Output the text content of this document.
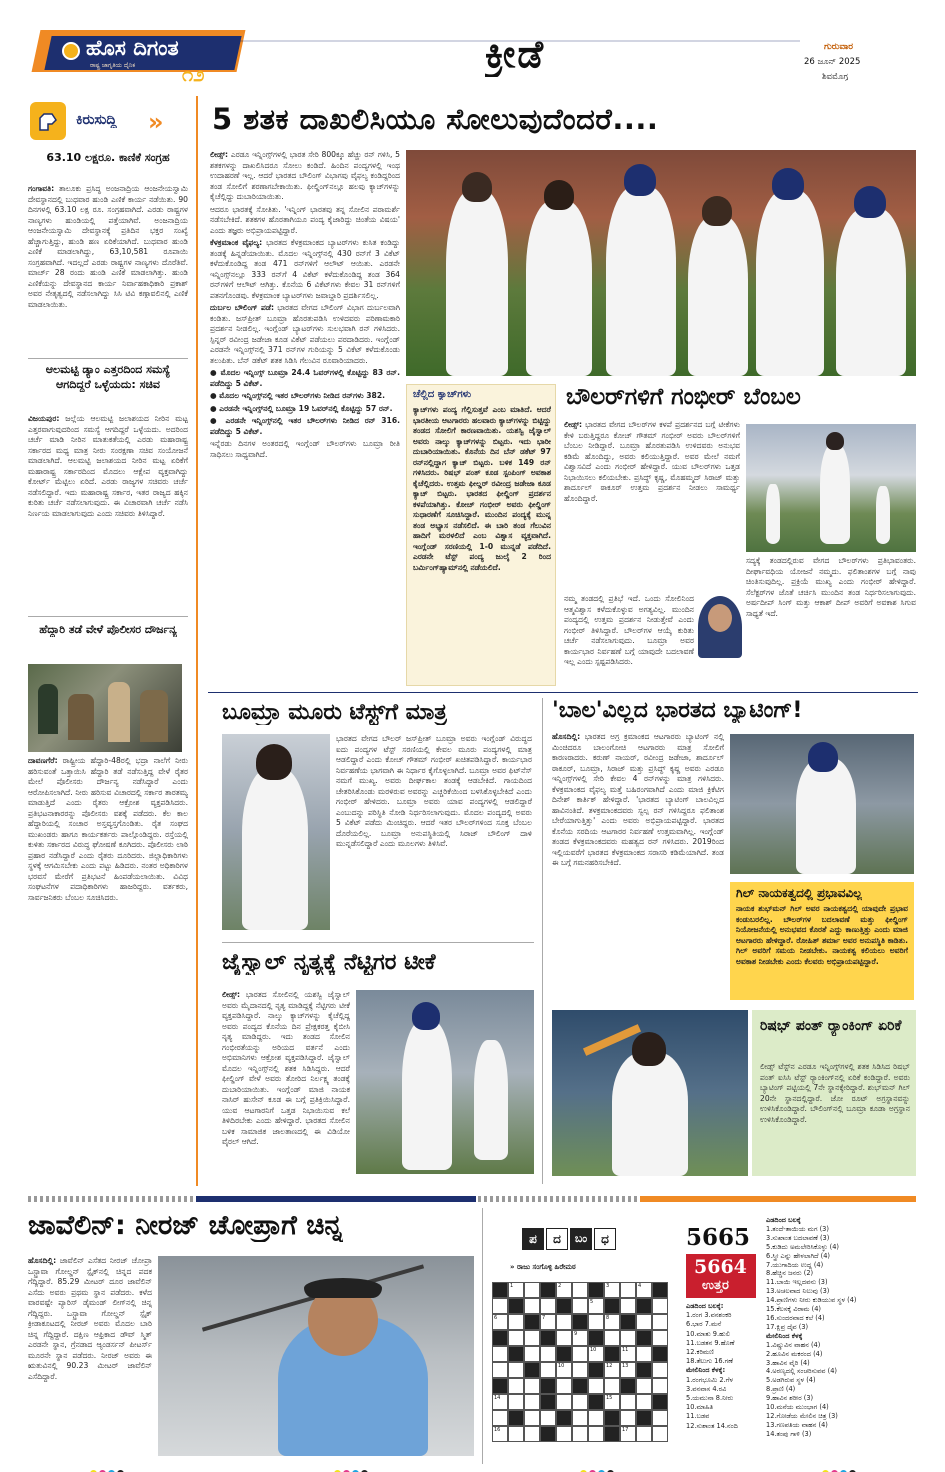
ಹೊಸ ದಿಗಂತ
ರಾಷ್ಟ್ರ ಜಾಗೃತಿಯ ದೈನಿಕ ೧೨	ಕ್ರೀಡೆ	ಗುರುವಾರ
26 ಜೂನ್ 2025
ಶಿವಮೊಗ್ಗ
ಕಿರುಸುದ್ದಿ »
63.10 ಲಕ್ಷರೂ. ಕಾಣಿಕೆ ಸಂಗ್ರಹ
ಗಂಗಾವತಿ: ತಾಲೂಕು ಪ್ರಸಿದ್ಧ ಅಂಜನಾದ್ರಿಯ ಆಂಜನೇಯಸ್ವಾಮಿ ದೇವಸ್ಥಾನದಲ್ಲಿ ಬುಧವಾರ ಹುಂಡಿ ಎಣಿಕೆ ಕಾರ್ಯ ನಡೆಯಿತು. 90 ದಿನಗಳಲ್ಲಿ 63.10 ಲಕ್ಷ ರೂ. ಸಂಗ್ರಹವಾಗಿದೆ. ಎರಡು ರಾಷ್ಟ್ರಗಳ ನಾಣ್ಯಗಳು ಹುಂಡಿಯಲ್ಲಿ ಪತ್ತೆಯಾಗಿವೆ. ಅಂಜನಾದ್ರಿಯ ಆಂಜನೇಯಸ್ವಾಮಿ ದೇವಸ್ಥಾನಕ್ಕೆ ಪ್ರತಿದಿನ ಭಕ್ತರ ಸಂಖ್ಯೆ ಹೆಚ್ಚಾಗುತ್ತಿದ್ದು, ಹುಂಡಿ ಹಣ ಏರಿಕೆಯಾಗಿದೆ. ಬುಧವಾರ ಹುಂಡಿ ಎಣಿಕೆ ಮಾಡಲಾಗಿದ್ದು, 63,10,581 ರೂಪಾಯಿ ಸಂಗ್ರಹವಾಗಿದೆ. ಇದಲ್ಲದೆ ಎರಡು ರಾಷ್ಟ್ರಗಳ ನಾಣ್ಯಗಳು ದೊರೆತಿವೆ. ಮಾರ್ಚ್ 28 ರಂದು ಹುಂಡಿ ಎಣಿಕೆ ಮಾಡಲಾಗಿತ್ತು. ಹುಂಡಿ ಎಣಿಕೆಯನ್ನು ದೇವಸ್ಥಾನದ ಕಾರ್ಯ ನಿರ್ವಾಹಕಾಧಿಕಾರಿ ಪ್ರಕಾಶ್ ಅವರ ನೇತೃತ್ವದಲ್ಲಿ ನಡೆಸಲಾಗಿದ್ದು ಸಿಸಿ ಟಿವಿ ಕಣ್ಗಾವಲಿನಲ್ಲಿ ಎಣಿಕೆ ಮಾಡಲಾಯಿತು.
ಆಲಮಟ್ಟಿ ಡ್ಯಾಂ ಎತ್ತರದಿಂದ ಸಮಸ್ಯೆ ಆಗದಿದ್ದರೆ ಒಳ್ಳೆಯದು: ಸಚಿವ
ವಿಜಯಪುರ: ಜಲ್ಲೆಯ ಆಲಮಟ್ಟಿ ಜಲಾಶಯದ ನೀರಿನ ಮಟ್ಟ ಎತ್ತರವಾಗುವುದರಿಂದ ಸಮಸ್ಯೆ ಆಗದಿದ್ದರೆ ಒಳ್ಳೆಯದು. ಅದರಿಂದ ಚರ್ಚೆ ಮಾಡಿ ನೀರಿನ ಮಾತುಕತೆಯಲ್ಲಿ ಎರಡು ಮಹಾರಾಷ್ಟ್ರ ಸರ್ಕಾರದ ಮಧ್ಯ ಮಾತ್ರ ನೀರು ಸಂರಕ್ಷಣಾ ಸಚಿವ ಸಂಯೋಜನೆ ಮಾಡಲಾಗಿದೆ. ಆಲಮಟ್ಟಿ ಜಲಾಶಯದ ನೀರಿನ ಮಟ್ಟ ಏರಿಕೆಗೆ ಮಹಾರಾಷ್ಟ್ರ ಸರ್ಕಾರದಿಂದ ಮೊದಲು ಆಕ್ಷೇಪ ವ್ಯಕ್ತವಾಗಿದ್ದು ಕೋರ್ಟ್ ಮೆಟ್ಟಿಲು ಏರಿದೆ. ಎರಡು ರಾಜ್ಯಗಳ ಸಚಿವರು ಚರ್ಚೆ ನಡೆಸಲಿದ್ದಾರೆ. ಇದು ಮಹಾರಾಷ್ಟ್ರ ಸರ್ಕಾರ, ಇತರ ರಾಜ್ಯದ ಹಕ್ಕಿನ ಕುರಿತು ಚರ್ಚೆ ನಡೆಸಲಾಗುವುದು. ಈ ವಿಚಾರವಾಗಿ ಚರ್ಚೆ ನಡೆಸಿ ನಿರ್ಣಯ ಮಾಡಲಾಗುವುದು ಎಂದು ಸಚಿವರು ತಿಳಿಸಿದ್ದಾರೆ.
ಹೆದ್ದಾರಿ ತಡೆ ವೇಳೆ ಪೊಲೀಸರ ದೌರ್ಜನ್ಯ
ದಾವಣಗೆರೆ: ರಾಷ್ಟ್ರೀಯ ಹೆದ್ದಾರಿ-48ರಲ್ಲಿ ಭದ್ರಾ ನಾಲೆಗೆ ನೀರು ಹರಿಸುವಂತೆ ಒತ್ತಾಯಿಸಿ ಹೆದ್ದಾರಿ ತಡೆ ನಡೆಸುತ್ತಿದ್ದ ವೇಳೆ ರೈತರ ಮೇಲೆ ಪೊಲೀಸರು ದೌರ್ಜನ್ಯ ನಡೆಸಿದ್ದಾರೆ ಎಂದು ಆರೋಪಿಸಲಾಗಿದೆ. ನೀರು ಹರಿಸುವ ವಿಚಾರದಲ್ಲಿ ಸರ್ಕಾರ ತಾರತಮ್ಯ ಮಾಡುತ್ತಿದೆ ಎಂದು ರೈತರು ಆಕ್ರೋಶ ವ್ಯಕ್ತಪಡಿಸಿದರು. ಪ್ರತಿಭಟನಾಕಾರರನ್ನು ಪೊಲೀಸರು ವಶಕ್ಕೆ ಪಡೆದರು. ಕೆಲ ಕಾಲ ಹೆದ್ದಾರಿಯಲ್ಲಿ ಸಂಚಾರ ಅಸ್ತವ್ಯಸ್ತಗೊಂಡಿತು. ರೈತ ಸಂಘದ ಮುಖಂಡರು ಹಾಗೂ ಕಾರ್ಯಕರ್ತರು ಪಾಲ್ಗೊಂಡಿದ್ದರು. ರಸ್ತೆಯಲ್ಲಿ ಕುಳಿತು ಸರ್ಕಾರದ ವಿರುದ್ಧ ಘೋಷಣೆ ಕೂಗಿದರು. ಪೊಲೀಸರು ಲಾಠಿ ಪ್ರಹಾರ ನಡೆಸಿದ್ದಾರೆ ಎಂದು ರೈತರು ದೂರಿದರು. ಜಿಲ್ಲಾಧಿಕಾರಿಗಳು ಸ್ಥಳಕ್ಕೆ ಆಗಮಿಸಬೇಕು ಎಂದು ಪಟ್ಟು ಹಿಡಿದರು. ನಂತರ ಅಧಿಕಾರಿಗಳ ಭರವಸೆ ಮೇರೆಗೆ ಪ್ರತಿಭಟನೆ ಹಿಂಪಡೆಯಲಾಯಿತು. ವಿವಿಧ ಸಂಘಟನೆಗಳ ಪದಾಧಿಕಾರಿಗಳು ಹಾಜರಿದ್ದರು. ವರ್ತಕರು, ಸಾರ್ವಜನಿಕರು ಬೆಂಬಲ ಸೂಚಿಸಿದರು.
5 ಶತಕ ದಾಖಲಿಸಿಯೂ ಸೋಲುವುದೆಂದರೆ....

ಲೀಡ್ಸ್: ಎರಡೂ ಇನ್ನಿಂಗ್ಸ್‌ಗಳಲ್ಲಿ ಭಾರತ ಸೇರಿ 800ಕ್ಕೂ ಹೆಚ್ಚು ರನ್ ಗಳಿಸಿ, 5 ಶತಕಗಳನ್ನು ದಾಖಲಿಸಿದರೂ ಸೋಲು ಕಂಡಿದೆ. ಹಿಂದಿನ ಪಂದ್ಯಗಳಲ್ಲಿ ಇಂಥ ಉದಾಹರಣೆ ಇಲ್ಲ. ಆದರೆ ಭಾರತದ ಬೌಲಿಂಗ್ ವಿಭಾಗವು ವೈಫಲ್ಯ ಕಂಡಿದ್ದರಿಂದ ತಂಡ ಸೋಲಿಗೆ ಶರಣಾಗಬೇಕಾಯಿತು. ಫೀಲ್ಡಿಂಗ್‌ನಲ್ಲೂ ಹಲವು ಕ್ಯಾಚ್‌ಗಳನ್ನು ಕೈಚೆಲ್ಲಿದ್ದು ದುಬಾರಿಯಾಯಿತು.

ಆದರೂ ಭಾರತಕ್ಕೆ ಸೋತಿತು. 'ಇನ್ನಿಂಗ್ ಭಾರತವು ತನ್ನ ಸೋಲಿನ ಪರಾಮರ್ಶೆ ನಡೆಸಬೇಕಿದೆ. ಶತಕಗಳ ಹೊರತಾಗಿಯೂ ಪಂದ್ಯ ಕೈಜಾರಿದ್ದು ಚಿಂತೆಯ ವಿಷಯ' ಎಂದು ತಜ್ಞರು ಅಭಿಪ್ರಾಯಪಟ್ಟಿದ್ದಾರೆ.

ಕೆಳಕ್ರಮಾಂಕ ವೈಫಲ್ಯ: ಭಾರತದ ಕೆಳಕ್ರಮಾಂಕದ ಬ್ಯಾಟರ್‌ಗಳು ಕುಸಿತ ಕಂಡಿದ್ದು ತಂಡಕ್ಕೆ ಹಿನ್ನಡೆಯಾಯಿತು. ಮೊದಲ ಇನ್ನಿಂಗ್ಸ್‌ನಲ್ಲಿ 430 ರನ್‌ಗೆ 3 ವಿಕೆಟ್ ಕಳೆದುಕೊಂಡಿದ್ದ ತಂಡ 471 ರನ್‌ಗಳಿಗೆ ಆಲೌಟ್ ಆಯಿತು. ಎರಡನೇ ಇನ್ನಿಂಗ್ಸ್‌ನಲ್ಲೂ 333 ರನ್‌ಗೆ 4 ವಿಕೆಟ್ ಕಳೆದುಕೊಂಡಿದ್ದ ತಂಡ 364 ರನ್‌ಗಳಿಗೆ ಆಲೌಟ್ ಆಗಿತ್ತು. ಕೊನೆಯ 6 ವಿಕೆಟ್‌ಗಳು ಕೇವಲ 31 ರನ್‌ಗಳಿಗೆ ಪತನಗೊಂಡವು. ಕೆಳಕ್ರಮಾಂಕ ಬ್ಯಾಟರ್‌ಗಳು ಜವಾಬ್ದಾರಿ ಪ್ರದರ್ಶಿಸಲಿಲ್ಲ.

ದುರ್ಬಲ ಬೌಲಿಂಗ್ ಪಡೆ: ಭಾರತದ ವೇಗದ ಬೌಲಿಂಗ್ ವಿಭಾಗ ದುರ್ಬಲವಾಗಿ ಕಂಡಿತು. ಜಸ್‌ಪ್ರೀತ್ ಬೂಮ್ರಾ ಹೊರತುಪಡಿಸಿ ಉಳಿದವರು ಪರಿಣಾಮಕಾರಿ ಪ್ರದರ್ಶನ ನೀಡಲಿಲ್ಲ. ಇಂಗ್ಲೆಂಡ್ ಬ್ಯಾಟರ್‌ಗಳು ಸುಲಭವಾಗಿ ರನ್ ಗಳಿಸಿದರು. ಸ್ಪಿನ್ನರ್ ರವೀಂದ್ರ ಜಡೇಜಾ ಕೂಡ ವಿಕೆಟ್ ಪಡೆಯಲು ಪರದಾಡಿದರು. ಇಂಗ್ಲೆಂಡ್ ಎರಡನೇ ಇನ್ನಿಂಗ್ಸ್‌ನಲ್ಲಿ 371 ರನ್‌ಗಳ ಗುರಿಯನ್ನು 5 ವಿಕೆಟ್ ಕಳೆದುಕೊಂಡು ತಲುಪಿತು. ಬೆನ್ ಡಕೆಟ್ ಶತಕ ಸಿಡಿಸಿ ಗೆಲುವಿನ ರೂವಾರಿಯಾದರು.

● ಮೊದಲ ಇನ್ನಿಂಗ್ಸ್ ಬೂಮ್ರಾ 24.4 ಓವರ್‌ಗಳಲ್ಲಿ ಕೊಟ್ಟಿದ್ದು 83 ರನ್. ಪಡೆದಿದ್ದು 5 ವಿಕೆಟ್.

● ಮೊದಲ ಇನ್ನಿಂಗ್ಸ್‌ನಲ್ಲಿ ಇತರ ಬೌಲರ್‌ಗಳು ನೀಡಿದ ರನ್‌ಗಳು 382.

● ಎರಡನೇ ಇನ್ನಿಂಗ್ಸ್‌ನಲ್ಲಿ ಬೂಮ್ರಾ 19 ಓವರ್‌ನಲ್ಲಿ ಕೊಟ್ಟಿದ್ದು 57 ರನ್.

● ಎರಡನೇ ಇನ್ನಿಂಗ್ಸ್‌ನಲ್ಲಿ ಇತರ ಬೌಲರ್‌ಗಳು ನೀಡಿದ ರನ್ 316. ಪಡೆದಿದ್ದು 5 ವಿಕೆಟ್.

ಇನ್ನೆರಡು ದಿನಗಳ ಅಂತರದಲ್ಲಿ ಇಂಗ್ಲೆಂಡ್ ಬೌಲರ್‌ಗಳು ಬೂಮ್ರಾ ರೀತಿ ಸಾಧಿಸಲು ಸಾಧ್ಯವಾಗಿದೆ.

ಚೆಲ್ಲಿದ ಕ್ಯಾಚ್‌ಗಳು
ಕ್ಯಾಚ್‌ಗಳು ಪಂದ್ಯ ಗೆಲ್ಲಿಸುತ್ತವೆ ಎಂಬ ಮಾತಿದೆ. ಆದರೆ ಭಾರತೀಯ ಆಟಗಾರರು ಹಲವಾರು ಕ್ಯಾಚ್‌ಗಳನ್ನು ಬಿಟ್ಟಿದ್ದು ತಂಡದ ಸೋಲಿಗೆ ಕಾರಣವಾಯಿತು. ಯಶಸ್ವಿ ಜೈಸ್ವಾಲ್ ಅವರು ನಾಲ್ಕು ಕ್ಯಾಚ್‌ಗಳನ್ನು ಬಿಟ್ಟರು. ಇದು ಭಾರೀ ದುಬಾರಿಯಾಯಿತು. ಕೊನೆಯ ದಿನ ಬೆನ್ ಡಕೆಟ್ 97 ರನ್‌ನಲ್ಲಿದ್ದಾಗ ಕ್ಯಾಚ್ ಬಿಟ್ಟರು. ಬಳಿಕ 149 ರನ್ ಗಳಿಸಿದರು. ರಿಷಭ್ ಪಂತ್ ಕೂಡ ಸ್ಟಂಪಿಂಗ್ ಅವಕಾಶ ಕೈಚೆಲ್ಲಿದರು. ಉತ್ತಮ ಫೀಲ್ಡರ್ ರವೀಂದ್ರ ಜಡೇಜಾ ಕೂಡ ಕ್ಯಾಚ್ ಬಿಟ್ಟರು. ಭಾರತದ ಫೀಲ್ಡಿಂಗ್ ಪ್ರದರ್ಶನ ಕಳಪೆಯಾಗಿತ್ತು. ಕೋಚ್ ಗಂಭೀರ್ ಅವರು ಫೀಲ್ಡಿಂಗ್ ಸುಧಾರಣೆಗೆ ಸೂಚಿಸಿದ್ದಾರೆ. ಮುಂದಿನ ಪಂದ್ಯಕ್ಕೆ ಮುನ್ನ ತಂಡ ಅಭ್ಯಾಸ ನಡೆಸಲಿದೆ. ಈ ಬಾರಿ ತಂಡ ಗೆಲುವಿನ ಹಾದಿಗೆ ಮರಳಲಿದೆ ಎಂಬ ವಿಶ್ವಾಸ ವ್ಯಕ್ತವಾಗಿದೆ. ಇಂಗ್ಲೆಂಡ್ ಸರಣಿಯಲ್ಲಿ 1-0 ಮುನ್ನಡೆ ಪಡೆದಿದೆ. ಎರಡನೇ ಟೆಸ್ಟ್ ಪಂದ್ಯ ಜುಲೈ 2 ರಿಂದ ಬರ್ಮಿಂಗ್‌ಹ್ಯಾಮ್‌ನಲ್ಲಿ ನಡೆಯಲಿದೆ.
ಬೌಲರ್‌ಗಳಿಗೆ ಗಂಭೀರ್ ಬೆಂಬಲ
ಲೀಡ್ಸ್: ಭಾರತದ ವೇಗದ ಬೌಲರ್‌ಗಳ ಕಳಪೆ ಪ್ರದರ್ಶನದ ಬಗ್ಗೆ ಟೀಕೆಗಳು ಕೇಳಿ ಬರುತ್ತಿದ್ದರೂ ಕೋಚ್ ಗೌತಮ್ ಗಂಭೀರ್ ಅವರು ಬೌಲರ್‌ಗಳಿಗೆ ಬೆಂಬಲ ನೀಡಿದ್ದಾರೆ. ಬೂಮ್ರಾ ಹೊರತುಪಡಿಸಿ ಉಳಿದವರು ಅನುಭವ ಕಡಿಮೆ ಹೊಂದಿದ್ದು, ಅವರು ಕಲಿಯುತ್ತಿದ್ದಾರೆ. ಅವರ ಮೇಲೆ ನಮಗೆ ವಿಶ್ವಾಸವಿದೆ ಎಂದು ಗಂಭೀರ್ ಹೇಳಿದ್ದಾರೆ. ಯುವ ಬೌಲರ್‌ಗಳು ಒತ್ತಡ ನಿಭಾಯಿಸಲು ಕಲಿಯಬೇಕು. ಪ್ರಸಿದ್ಧ್ ಕೃಷ್ಣ, ಮೊಹಮ್ಮದ್ ಸಿರಾಜ್ ಮತ್ತು ಶಾರ್ದೂಲ್ ಠಾಕೂರ್ ಉತ್ತಮ ಪ್ರದರ್ಶನ ನೀಡಲು ಸಾಮರ್ಥ್ಯ ಹೊಂದಿದ್ದಾರೆ.
ನಮ್ಮ ತಂಡದಲ್ಲಿ ಪ್ರತಿಭೆ ಇದೆ. ಒಂದು ಸೋಲಿನಿಂದ ಆತ್ಮವಿಶ್ವಾಸ ಕಳೆದುಕೊಳ್ಳುವ ಅಗತ್ಯವಿಲ್ಲ. ಮುಂದಿನ ಪಂದ್ಯದಲ್ಲಿ ಉತ್ತಮ ಪ್ರದರ್ಶನ ನೀಡುತ್ತೇವೆ ಎಂದು ಗಂಭೀರ್ ತಿಳಿಸಿದ್ದಾರೆ. ಬೌಲರ್‌ಗಳ ಆಯ್ಕೆ ಕುರಿತು ಚರ್ಚೆ ನಡೆಸಲಾಗುವುದು. ಬೂಮ್ರಾ ಅವರ ಕಾರ್ಯಭಾರ ನಿರ್ವಹಣೆ ಬಗ್ಗೆ ಯಾವುದೇ ಬದಲಾವಣೆ ಇಲ್ಲ ಎಂದು ಸ್ಪಷ್ಟಪಡಿಸಿದರು.
ಸದ್ಯಕ್ಕೆ ತಂಡದಲ್ಲಿರುವ ವೇಗದ ಬೌಲರ್‌ಗಳು ಪ್ರತಿಭಾವಂತರು. ದೀರ್ಘಾವಧಿಯ ಯೋಜನೆ ನಮ್ಮದು. ಫಲಿತಾಂಶಗಳ ಬಗ್ಗೆ ನಾವು ಚಿಂತಿಸುವುದಿಲ್ಲ. ಪ್ರಕ್ರಿಯೆ ಮುಖ್ಯ ಎಂದು ಗಂಭೀರ್ ಹೇಳಿದ್ದಾರೆ. ಸೆಲೆಕ್ಟರ್‌ಗಳ ಜೊತೆ ಚರ್ಚಿಸಿ ಮುಂದಿನ ತಂಡ ನಿರ್ಧರಿಸಲಾಗುವುದು. ಅರ್ಷದೀಪ್ ಸಿಂಗ್ ಮತ್ತು ಆಕಾಶ್ ದೀಪ್ ಅವರಿಗೆ ಅವಕಾಶ ಸಿಗುವ ಸಾಧ್ಯತೆ ಇದೆ.
ಬೂಮ್ರಾ ಮೂರು ಟೆಸ್ಟ್‌ಗೆ ಮಾತ್ರ
ಭಾರತದ ವೇಗದ ಬೌಲರ್ ಜಸ್‌ಪ್ರೀತ್ ಬೂಮ್ರಾ ಅವರು ಇಂಗ್ಲೆಂಡ್ ವಿರುದ್ಧದ ಐದು ಪಂದ್ಯಗಳ ಟೆಸ್ಟ್ ಸರಣಿಯಲ್ಲಿ ಕೇವಲ ಮೂರು ಪಂದ್ಯಗಳಲ್ಲಿ ಮಾತ್ರ ಆಡಲಿದ್ದಾರೆ ಎಂದು ಕೋಚ್ ಗೌತಮ್ ಗಂಭೀರ್ ಖಚಿತಪಡಿಸಿದ್ದಾರೆ. ಕಾರ್ಯಭಾರ ನಿರ್ವಹಣೆಯ ಭಾಗವಾಗಿ ಈ ನಿರ್ಧಾರ ಕೈಗೊಳ್ಳಲಾಗಿದೆ. ಬೂಮ್ರಾ ಅವರ ಫಿಟ್‌ನೆಸ್ ನಮಗೆ ಮುಖ್ಯ. ಅವರು ದೀರ್ಘಕಾಲ ತಂಡಕ್ಕೆ ಆಡಬೇಕಿದೆ. ಗಾಯದಿಂದ ಚೇತರಿಸಿಕೊಂಡು ಮರಳಿರುವ ಅವರನ್ನು ಎಚ್ಚರಿಕೆಯಿಂದ ಬಳಸಿಕೊಳ್ಳಬೇಕಿದೆ ಎಂದು ಗಂಭೀರ್ ಹೇಳಿದರು. ಬೂಮ್ರಾ ಅವರು ಯಾವ ಪಂದ್ಯಗಳಲ್ಲಿ ಆಡಲಿದ್ದಾರೆ ಎಂಬುದನ್ನು ಪರಿಸ್ಥಿತಿ ನೋಡಿ ನಿರ್ಧರಿಸಲಾಗುವುದು. ಮೊದಲ ಪಂದ್ಯದಲ್ಲಿ ಅವರು 5 ವಿಕೆಟ್ ಪಡೆದು ಮಿಂಚಿದ್ದರು. ಆದರೆ ಇತರ ಬೌಲರ್‌ಗಳಿಂದ ಸೂಕ್ತ ಬೆಂಬಲ ದೊರೆಯಲಿಲ್ಲ. ಬೂಮ್ರಾ ಅನುಪಸ್ಥಿತಿಯಲ್ಲಿ ಸಿರಾಜ್ ಬೌಲಿಂಗ್ ದಾಳಿ ಮುನ್ನಡೆಸಲಿದ್ದಾರೆ ಎಂದು ಮೂಲಗಳು ತಿಳಿಸಿವೆ.
'ಬಾಲ'ವಿಲ್ಲದ ಭಾರತದ ಬ್ಯಾಟಿಂಗ್!
ಹೊಸದಿಲ್ಲಿ: ಭಾರತದ ಅಗ್ರ ಕ್ರಮಾಂಕದ ಆಟಗಾರರು ಬ್ಯಾಟಿಂಗ್ ನಲ್ಲಿ ಮಿಂಚಿದರೂ ಬಾಲಂಗೋಚಿ ಆಟಗಾರರು ಮಾತ್ರ ಸೋಲಿಗೆ ಕಾರಣರಾದರು. ಕರುಣ್ ನಾಯರ್, ರವೀಂದ್ರ ಜಡೇಜಾ, ಶಾರ್ದೂಲ್ ಠಾಕೂರ್, ಬೂಮ್ರಾ, ಸಿರಾಜ್ ಮತ್ತು ಪ್ರಸಿದ್ಧ್ ಕೃಷ್ಣ ಅವರು ಎರಡೂ ಇನ್ನಿಂಗ್ಸ್‌ಗಳಲ್ಲಿ ಸೇರಿ ಕೇವಲ 4 ರನ್‌ಗಳನ್ನು ಮಾತ್ರ ಗಳಿಸಿದರು. ಕೆಳಕ್ರಮಾಂಕದ ವೈಫಲ್ಯ ಮತ್ತೆ ಬಹಿರಂಗವಾಗಿದೆ ಎಂದು ಮಾಜಿ ಕ್ರಿಕೆಟಿಗ ದಿನೇಶ್ ಕಾರ್ತಿಕ್ ಹೇಳಿದ್ದಾರೆ. 'ಭಾರತದ ಬ್ಯಾಟಿಂಗ್ ಬಾಲವಿಲ್ಲದ ಹಾವಿನಂತಿದೆ. ತಳಕ್ರಮಾಂಕದವರು ಸ್ವಲ್ಪ ರನ್ ಗಳಿಸಿದ್ದರೂ ಫಲಿತಾಂಶ ಬೇರೆಯಾಗುತ್ತಿತ್ತು' ಎಂದು ಅವರು ಅಭಿಪ್ರಾಯಪಟ್ಟಿದ್ದಾರೆ. ಭಾರತದ ಕೊನೆಯ ಸರದಿಯ ಆಟಗಾರರ ನಿರ್ವಹಣೆ ಉತ್ತಮವಾಗಿಲ್ಲ. ಇಂಗ್ಲೆಂಡ್ ತಂಡದ ಕೆಳಕ್ರಮಾಂಕದವರು ಮಹತ್ವದ ರನ್ ಗಳಿಸಿದರು. 2019ರಿಂದ ಇಲ್ಲಿಯವರೆಗೆ ಭಾರತದ ಕೆಳಕ್ರಮಾಂಕದ ಸರಾಸರಿ ಕಡಿಮೆಯಾಗಿದೆ. ತಂಡ ಈ ಬಗ್ಗೆ ಗಮನಹರಿಸಬೇಕಿದೆ.
ಗಿಲ್ ನಾಯಕತ್ವದಲ್ಲಿ ಪ್ರಭಾವವಿಲ್ಲ
ನಾಯಕ ಶುಭ್‌ಮನ್ ಗಿಲ್ ಅವರ ನಾಯಕತ್ವದಲ್ಲಿ ಯಾವುದೇ ಪ್ರಭಾವ ಕಂಡುಬರಲಿಲ್ಲ. ಬೌಲರ್‌ಗಳ ಬದಲಾವಣೆ ಮತ್ತು ಫೀಲ್ಡಿಂಗ್ ನಿಯೋಜನೆಯಲ್ಲಿ ಅನುಭವದ ಕೊರತೆ ಎದ್ದು ಕಾಣುತ್ತಿತ್ತು ಎಂದು ಮಾಜಿ ಆಟಗಾರರು ಹೇಳಿದ್ದಾರೆ. ರೋಹಿತ್ ಶರ್ಮಾ ಅವರ ಅನುಪಸ್ಥಿತಿ ಕಾಡಿತು. ಗಿಲ್ ಅವರಿಗೆ ಸಮಯ ನೀಡಬೇಕು. ನಾಯಕತ್ವ ಕಲಿಯಲು ಅವರಿಗೆ ಅವಕಾಶ ನೀಡಬೇಕು ಎಂದು ಕೆಲವರು ಅಭಿಪ್ರಾಯಪಟ್ಟಿದ್ದಾರೆ.
ಜೈಸ್ವಾಲ್ ನೃತ್ಯಕ್ಕೆ ನೆಟ್ಟಿಗರ ಟೀಕೆ
ಲೀಡ್ಸ್: ಭಾರತದ ಸೋಲಿನಲ್ಲಿ ಯಶಸ್ವಿ ಜೈಸ್ವಾಲ್ ಅವರು ಮೈದಾನದಲ್ಲಿ ನೃತ್ಯ ಮಾಡಿದ್ದಕ್ಕೆ ನೆಟ್ಟಿಗರು ಟೀಕೆ ವ್ಯಕ್ತಪಡಿಸಿದ್ದಾರೆ. ನಾಲ್ಕು ಕ್ಯಾಚ್‌ಗಳನ್ನು ಕೈಚೆಲ್ಲಿದ್ದ ಅವರು ಪಂದ್ಯದ ಕೊನೆಯ ದಿನ ಪ್ರೇಕ್ಷಕರತ್ತ ಕೈಬೀಸಿ ನೃತ್ಯ ಮಾಡಿದ್ದರು. ಇದು ತಂಡದ ಸೋಲಿನ ಗಂಭೀರತೆಯನ್ನು ಅರಿಯದ ವರ್ತನೆ ಎಂದು ಅಭಿಮಾನಿಗಳು ಆಕ್ರೋಶ ವ್ಯಕ್ತಪಡಿಸಿದ್ದಾರೆ. ಜೈಸ್ವಾಲ್ ಮೊದಲ ಇನ್ನಿಂಗ್ಸ್‌ನಲ್ಲಿ ಶತಕ ಸಿಡಿಸಿದ್ದರು. ಆದರೆ ಫೀಲ್ಡಿಂಗ್ ವೇಳೆ ಅವರು ತೋರಿದ ನಿರ್ಲಕ್ಷ್ಯ ತಂಡಕ್ಕೆ ದುಬಾರಿಯಾಯಿತು. ಇಂಗ್ಲೆಂಡ್ ಮಾಜಿ ನಾಯಕ ನಾಸಿರ್ ಹುಸೇನ್ ಕೂಡ ಈ ಬಗ್ಗೆ ಪ್ರತಿಕ್ರಿಯಿಸಿದ್ದಾರೆ. ಯುವ ಆಟಗಾರನಿಗೆ ಒತ್ತಡ ನಿಭಾಯಿಸುವ ಕಲೆ ತಿಳಿದಿರಬೇಕು ಎಂದು ಹೇಳಿದ್ದಾರೆ. ಭಾರತದ ಸೋಲಿನ ಬಳಿಕ ಸಾಮಾಜಿಕ ಜಾಲತಾಣದಲ್ಲಿ ಈ ವಿಡಿಯೋ ವೈರಲ್ ಆಗಿದೆ.
ರಿಷಭ್ ಪಂತ್ ರ್‍ಯಾಂಕಿಂಗ್ ಏರಿಕೆ
ಲೀಡ್ಸ್ ಟೆಸ್ಟ್‌ನ ಎರಡೂ ಇನ್ನಿಂಗ್ಸ್‌ಗಳಲ್ಲಿ ಶತಕ ಸಿಡಿಸಿದ ರಿಷಭ್ ಪಂತ್ ಐಸಿಸಿ ಟೆಸ್ಟ್ ರ್‍ಯಾಂಕಿಂಗ್‌ನಲ್ಲಿ ಏರಿಕೆ ಕಂಡಿದ್ದಾರೆ. ಅವರು ಬ್ಯಾಟಿಂಗ್ ಪಟ್ಟಿಯಲ್ಲಿ 7ನೇ ಸ್ಥಾನಕ್ಕೇರಿದ್ದಾರೆ. ಶುಭ್‌ಮನ್ ಗಿಲ್ 20ನೇ ಸ್ಥಾನದಲ್ಲಿದ್ದಾರೆ. ಜೋ ರೂಟ್ ಅಗ್ರಸ್ಥಾನವನ್ನು ಉಳಿಸಿಕೊಂಡಿದ್ದಾರೆ. ಬೌಲಿಂಗ್‌ನಲ್ಲಿ ಬೂಮ್ರಾ ಕೂಡಾ ಅಗ್ರಸ್ಥಾನ ಉಳಿಸಿಕೊಂಡಿದ್ದಾರೆ.
ಜಾವೆಲಿನ್: ನೀರಜ್ ಚೋಪ್ರಾಗೆ ಚಿನ್ನ
ಹೊಸದಿಲ್ಲಿ: ಜಾವೆಲಿನ್ ಎಸೆತದ ನೀರಜ್ ಚೋಪ್ರಾ ಒಸ್ಟ್ರಾವಾ ಗೋಲ್ಡನ್ ಸ್ಪೈಕ್‌ನಲ್ಲಿ ಚಿನ್ನದ ಪದಕ ಗೆದ್ದಿದ್ದಾರೆ. 85.29 ಮೀಟರ್ ದೂರ ಜಾವೆಲಿನ್ ಎಸೆದು ಅವರು ಪ್ರಥಮ ಸ್ಥಾನ ಪಡೆದರು. ಕಳೆದ ವಾರವಷ್ಟೇ ಪ್ಯಾರಿಸ್ ಡೈಮಂಡ್ ಲೀಗ್‌ನಲ್ಲಿ ಚಿನ್ನ ಗೆದ್ದಿದ್ದರು. ಒಸ್ಟ್ರಾವಾ ಗೋಲ್ಡನ್ ಸ್ಪೈಕ್ ಕ್ರೀಡಾಕೂಟದಲ್ಲಿ ನೀರಜ್ ಅವರು ಮೊದಲ ಬಾರಿ ಚಿನ್ನ ಗೆದ್ದಿದ್ದಾರೆ. ದಕ್ಷಿಣ ಆಫ್ರಿಕಾದ ಡೌವ್ ಸ್ಮಿತ್ ಎರಡನೇ ಸ್ಥಾನ, ಗ್ರೆನಡಾದ ಆ್ಯಂಡರ್ಸನ್ ಪೀಟರ್ಸ್ ಮೂರನೇ ಸ್ಥಾನ ಪಡೆದರು. ನೀರಜ್ ಅವರು ಈ ಋತುವಿನಲ್ಲಿ 90.23 ಮೀಟರ್ ಜಾವೆಲಿನ್ ಎಸೆದಿದ್ದಾರೆ.
ಪ	ದ	ಬಂ	ಧ
» ರಾಜು ಸಂಗೊಳ್ಳಿ ಹಿರೇಮಠ
1	2	3	4
5
6	7	8
9
10	11
10	12	13
14	15
16	17
5665
5664
ಉತ್ತರ
ಎಡದಿಂದ ಬಲಕ್ಕೆ:
1.ರಂಗ 3.ವನಶಂಕರಿ
6.ಭಾರ 7.ಮನೆ
10.ಮಾತು 9.ಹುಲಿ
11.ಬಡತನ 9.ಹೊಣೆ
12.ಕರಿಮಣಿ
18.ತೆಲುಗು 16.ಗಣೆ
ಮೇಲಿನಿಂದ ಕೆಳಕ್ಕೆ:
1.ರಂಗಭೂಮಿ 2.ಗೆಳ
3.ವನವಾಸ 4.ರವಿ
5.ಯಮುನಾ 8.ನೀರು
10.ಮಾಹಿತಿ
11.ಬಡವ
12.ಸುಶಾಂತ 14.ನಂದಿ
ಎಡದಿಂದ ಬಲಕ್ಕೆ
1.ತಂದೆ-ತಾಯಿಯ ಮಗ (3)
3.ಸುಖಾಂತ ಬದಲಾವಣೆ (3)
5.ಕುಡಿದು ಅಮಲೇರಿಸಿಕೊಳ್ಳು (4)
6.ಸ್ತ್ರೀ ಎನ್ನು ಹೇಳಲಾಗಿದೆ (4)
7.ಯುಗಾದಿಯ ಉದ್ದ (4)
8.ಹೆಚ್ಚಿನ ಜನರು (2)
11.ಬಾಯಿ ಇಲ್ಲದವನು (3)
13.ಅಚಲವಾದ ನಿಲುವು (3)
14.ಪ್ರಾಣಿಗಳು ನೀರು ಕುಡಿಯುವ ಸ್ಥಳ (4)
15.ಕೆಲಸಕ್ಕೆ ವಿರಾಮ (4)
16.ಸುಂದರವಾದ ಕಲೆ (4)
17.ಕ್ಷಿಪ್ರ ದೈವ (3)
ಮೇಲಿನಿಂದ ಕೆಳಕ್ಕೆ
1.ವಿಷ್ಣುವಿನ ವಾಹನ (4)
2.ಹೂವಿನ ಮಕರಂದ (4)
3.ಹಾವಿನ ವೈರಿ (4)
4.ಅರಣ್ಯದಲ್ಲಿ ಸಂಚರಿಸುವವ (4)
5.ಅಡಗಿರುವ ಸ್ಥಳ (4)
8.ಪ್ರಾಣಿ (4)
9.ಹಾವಿನ ಶರೀರ (3)
10.ಮನೆಯ ಮುಂಭಾಗ (4)
12.ಗೋಡೆಯ ಮೇಲಿನ ಚಿತ್ರ (3)
13.ಗಣಪತಿಯ ವಾಹನ (4)
14.ತಂಪು ಗಾಳಿ (3)
